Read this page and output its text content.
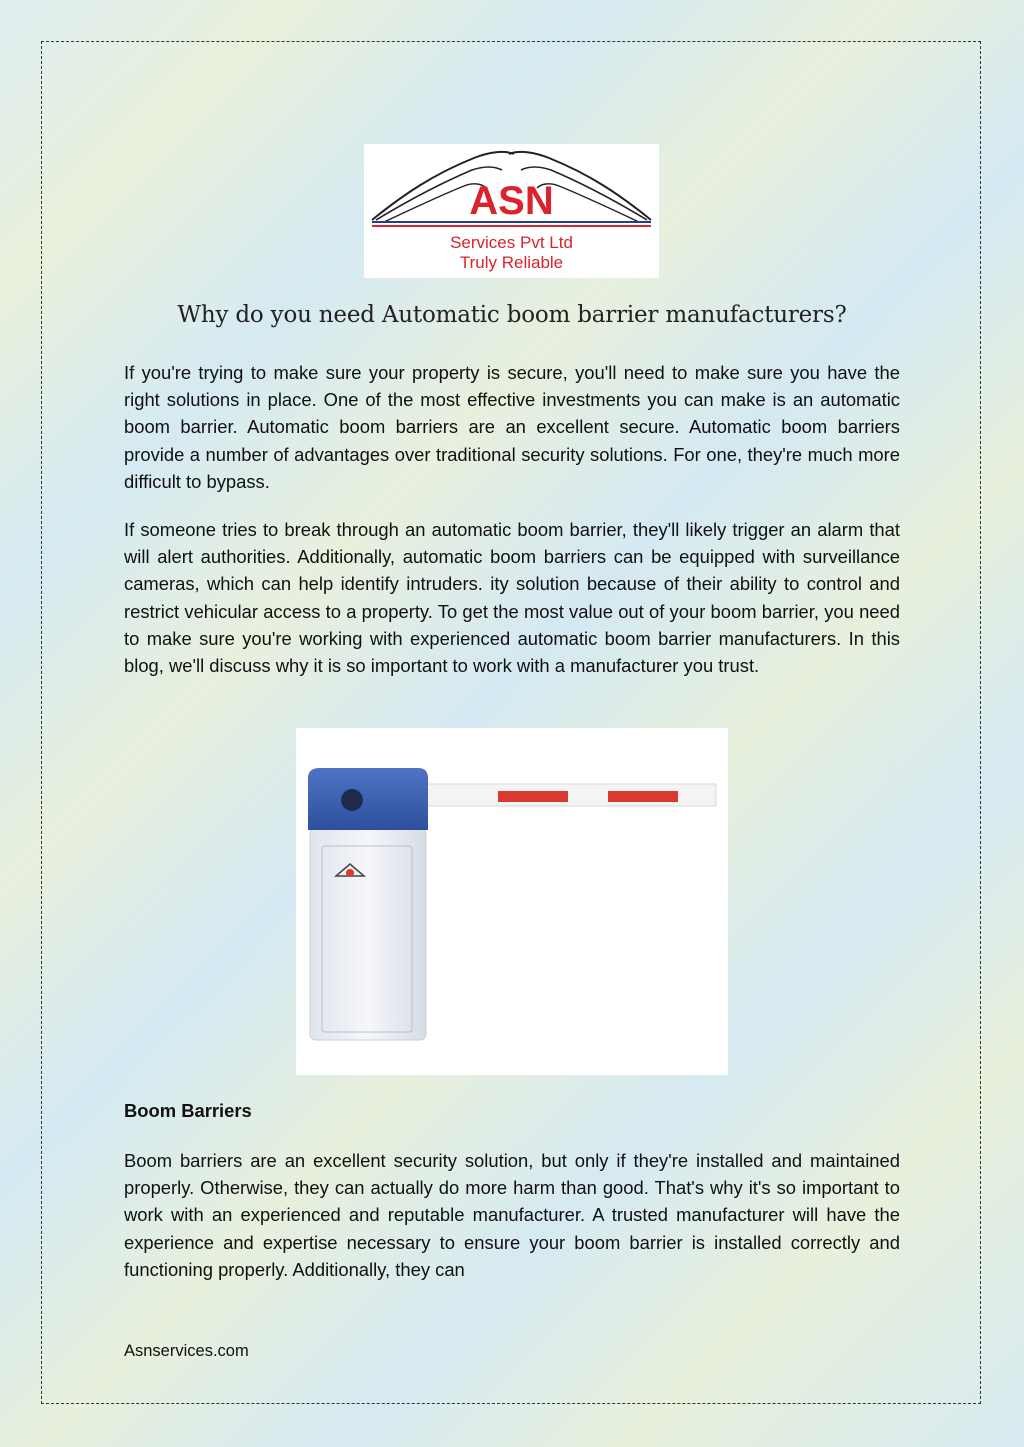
ASN
Services Pvt Ltd
Truly Reliable
Why do you need Automatic boom barrier manufacturers?

If you're trying to make sure your property is secure, you'll need to make sure you have the right solutions in place. One of the most effective investments you can make is an automatic boom barrier. Automatic boom barriers are an excellent secure. Automatic boom barriers provide a number of advantages over traditional security solutions. For one, they're much more difficult to bypass.

If someone tries to break through an automatic boom barrier, they'll likely trigger an alarm that will alert authorities. Additionally, automatic boom barriers can be equipped with surveillance cameras, which can help identify intruders. ity solution because of their ability to control and restrict vehicular access to a property. To get the most value out of your boom barrier, you need to make sure you're working with experienced automatic boom barrier manufacturers. In this blog, we'll discuss why it is so important to work with a manufacturer you trust.

Boom Barriers

Boom barriers are an excellent security solution, but only if they're installed and maintained properly. Otherwise, they can actually do more harm than good. That's why it's so important to work with an experienced and reputable manufacturer. A trusted manufacturer will have the experience and expertise necessary to ensure your boom barrier is installed correctly and functioning properly. Additionally, they can

Asnservices.com
